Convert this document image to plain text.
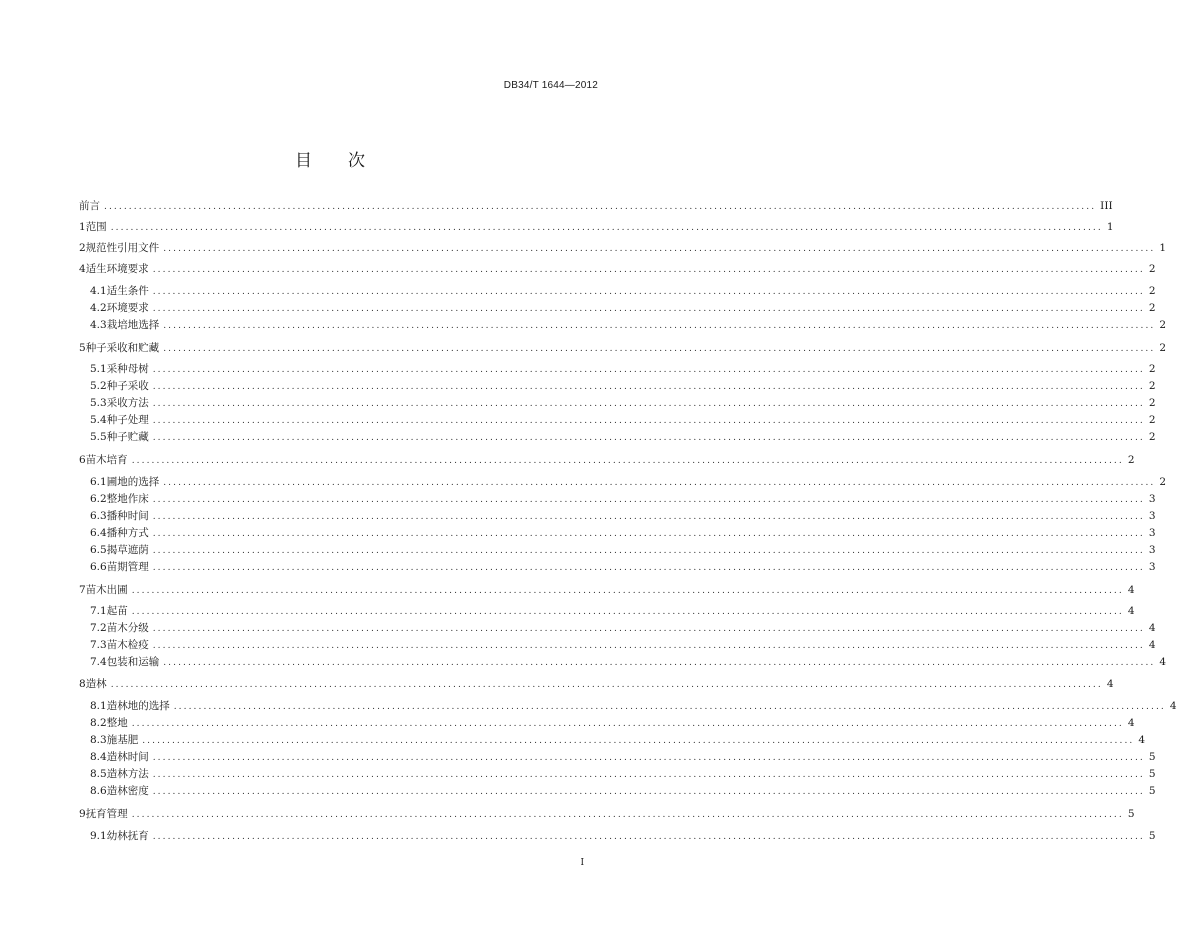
DB34/T 1644—2012
目 次
前言 ........................................................................................................................................................................................................ III
1 范围 ........................................................................................................................................................................................................ 1
2 规范性引用文件 ........................................................................................................................................................................................................ 1
4 适生环境要求 ........................................................................................................................................................................................................ 2
4.1 适生条件 ........................................................................................................................................................................................................ 2
4.2 环境要求 ........................................................................................................................................................................................................ 2
4.3 栽培地选择 ........................................................................................................................................................................................................ 2
5 种子采收和贮藏 ........................................................................................................................................................................................................ 2
5.1 采种母树 ........................................................................................................................................................................................................ 2
5.2 种子采收 ........................................................................................................................................................................................................ 2
5.3 采收方法 ........................................................................................................................................................................................................ 2
5.4 种子处理 ........................................................................................................................................................................................................ 2
5.5 种子贮藏 ........................................................................................................................................................................................................ 2
6 苗木培育 ........................................................................................................................................................................................................ 2
6.1 圃地的选择 ........................................................................................................................................................................................................ 2
6.2 整地作床 ........................................................................................................................................................................................................ 3
6.3 播种时间 ........................................................................................................................................................................................................ 3
6.4 播种方式 ........................................................................................................................................................................................................ 3
6.5 揭草遮荫 ........................................................................................................................................................................................................ 3
6.6 苗期管理 ........................................................................................................................................................................................................ 3
7 苗木出圃 ........................................................................................................................................................................................................ 4
7.1 起苗 ........................................................................................................................................................................................................ 4
7.2 苗木分级 ........................................................................................................................................................................................................ 4
7.3 苗木检疫 ........................................................................................................................................................................................................ 4
7.4 包装和运输 ........................................................................................................................................................................................................ 4
8 造林 ........................................................................................................................................................................................................ 4
8.1 造林地的选择 ........................................................................................................................................................................................................ 4
8.2 整地 ........................................................................................................................................................................................................ 4
8.3 施基肥 ........................................................................................................................................................................................................ 4
8.4 造林时间 ........................................................................................................................................................................................................ 5
8.5 造林方法 ........................................................................................................................................................................................................ 5
8.6 造林密度 ........................................................................................................................................................................................................ 5
9 抚育管理 ........................................................................................................................................................................................................ 5
9.1 幼林抚育 ........................................................................................................................................................................................................ 5
I
